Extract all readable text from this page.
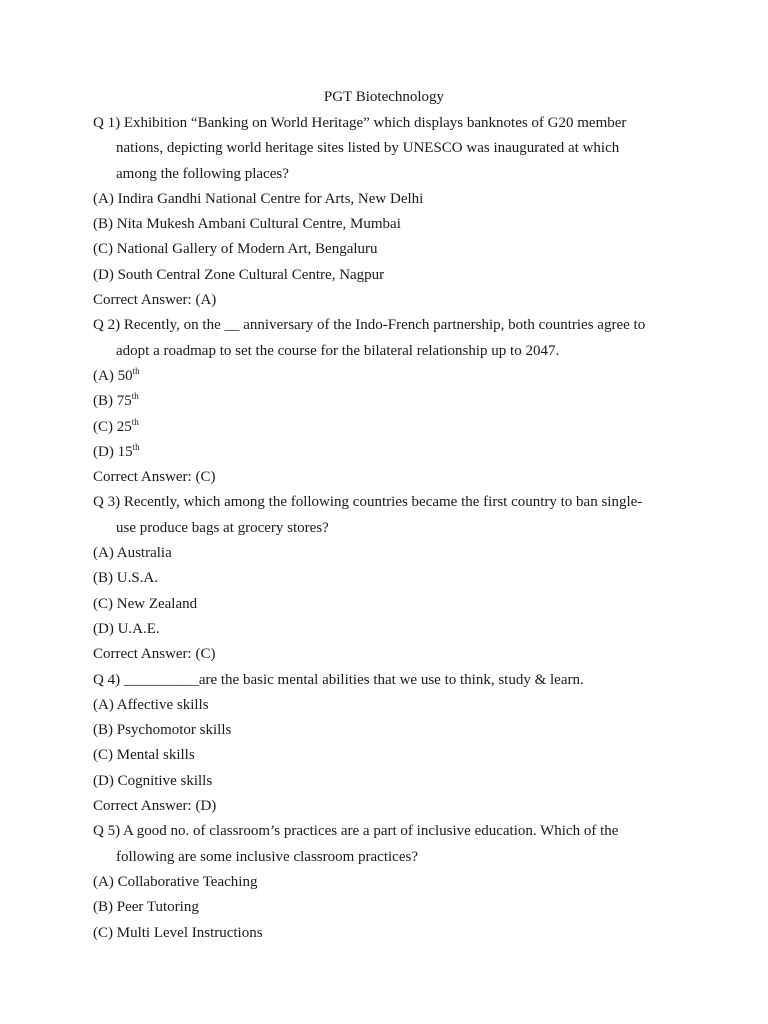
PGT Biotechnology
Q 1) Exhibition “Banking on World Heritage” which displays banknotes of G20 member
nations, depicting world heritage sites listed by UNESCO was inaugurated at which
among the following places?
(A) Indira Gandhi National Centre for Arts, New Delhi
(B) Nita Mukesh Ambani Cultural Centre, Mumbai
(C) National Gallery of Modern Art, Bengaluru
(D) South Central Zone Cultural Centre, Nagpur
Correct Answer: (A)
Q 2) Recently, on the __ anniversary of the Indo-French partnership, both countries agree to
adopt a roadmap to set the course for the bilateral relationship up to 2047.
(A) 50th
(B) 75th
(C) 25th
(D) 15th
Correct Answer: (C)
Q 3) Recently, which among the following countries became the first country to ban single-
use produce bags at grocery stores?
(A) Australia
(B) U.S.A.
(C) New Zealand
(D) U.A.E.
Correct Answer: (C)
Q 4) __________are the basic mental abilities that we use to think, study & learn.
(A) Affective skills
(B) Psychomotor skills
(C) Mental skills
(D) Cognitive skills
Correct Answer: (D)
Q 5) A good no. of classroom’s practices are a part of inclusive education. Which of the
following are some inclusive classroom practices?
(A) Collaborative Teaching
(B) Peer Tutoring
(C) Multi Level Instructions
